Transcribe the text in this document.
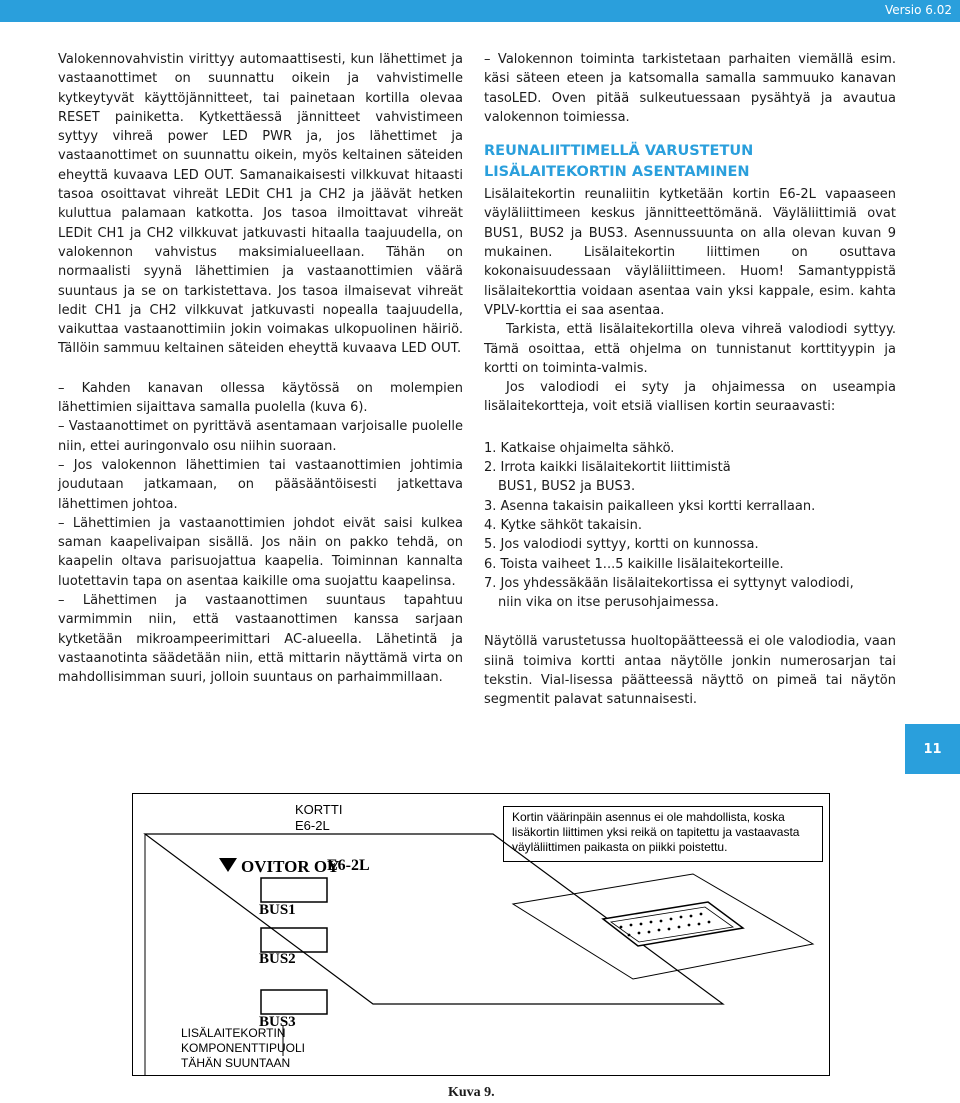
Versio 6.02

Valokennovahvistin virittyy automaattisesti, kun lähettimet ja vastaanottimet on suunnattu oikein ja vahvistimelle kytkeytyvät käyttöjännitteet, tai painetaan kortilla olevaa RESET painiketta. Kytkettäessä jännitteet vahvistimeen syttyy vihreä power LED PWR ja, jos lähettimet ja vastaanottimet on suunnattu oikein, myös keltainen säteiden eheyttä kuvaava LED OUT. Samanaikaisesti vilkkuvat hitaasti tasoa osoittavat vihreät LEDit CH1 ja CH2 ja jäävät hetken kuluttua palamaan katkotta. Jos tasoa ilmoittavat vihreät LEDit CH1 ja CH2 vilkkuvat jatkuvasti hitaalla taajuudella, on valokennon vahvistus maksimialueellaan. Tähän on normaalisti syynä lähettimien ja vastaanottimien väärä suuntaus ja se on tarkistettava. Jos tasoa ilmaisevat vihreät ledit CH1 ja CH2 vilkkuvat jatkuvasti nopealla taajuudella, vaikuttaa vastaanottimiin jokin voimakas ulkopuolinen häiriö. Tällöin sammuu keltainen säteiden eheyttä kuvaava LED OUT.

– Kahden kanavan ollessa käytössä on molempien lähettimien sijaittava samalla puolella (kuva 6).

– Vastaanottimet on pyrittävä asentamaan varjoisalle puolelle niin, ettei auringonvalo osu niihin suoraan.

– Jos valokennon lähettimien tai vastaanottimien johtimia joudutaan jatkamaan, on pääsääntöisesti jatkettava lähettimen johtoa.

– Lähettimien ja vastaanottimien johdot eivät saisi kulkea saman kaapelivaipan sisällä. Jos näin on pakko tehdä, on kaapelin oltava parisuojattua kaapelia. Toiminnan kannalta luotettavin tapa on asentaa kaikille oma suojattu kaapelinsa.

– Lähettimen ja vastaanottimen suuntaus tapahtuu varmimmin niin, että vastaanottimen kanssa sarjaan kytketään mikroampeerimittari AC-alueella. Lähetintä ja vastaanotinta säädetään niin, että mittarin näyttämä virta on mahdollisimman suuri, jolloin suuntaus on parhaimmillaan.

– Valokennon toiminta tarkistetaan parhaiten viemällä esim. käsi säteen eteen ja katsomalla samalla sammuuko kanavan tasoLED. Oven pitää sulkeutuessaan pysähtyä ja avautua valokennon toimiessa.

REUNALIITTIMELLÄ VARUSTETUN LISÄLAITEKORTIN ASENTAMINEN

Lisälaitekortin reunaliitin kytketään kortin E6-2L vapaaseen väyläliittimeen keskus jännitteettömänä. Väyläliittimiä ovat BUS1, BUS2 ja BUS3. Asennussuunta on alla olevan kuvan 9 mukainen. Lisälaitekortin liittimen on osuttava kokonaisuudessaan väyläliittimeen. Huom! Samantyppistä lisälaitekorttia voidaan asentaa vain yksi kappale, esim. kahta VPLV-korttia ei saa asentaa.

Tarkista, että lisälaitekortilla oleva vihreä valodiodi syttyy. Tämä osoittaa, että ohjelma on tunnistanut korttityypin ja kortti on toiminta-valmis.

Jos valodiodi ei syty ja ohjaimessa on useampia lisälaitekortteja, voit etsiä viallisen kortin seuraavasti:

1. Katkaise ohjaimelta sähkö.
2. Irrota kaikki lisälaitekortit liittimistä
BUS1, BUS2 ja BUS3.
3. Asenna takaisin paikalleen yksi kortti kerrallaan.
4. Kytke sähköt takaisin.
5. Jos valodiodi syttyy, kortti on kunnossa.
6. Toista vaiheet 1...5 kaikille lisälaitekorteille.
7. Jos yhdessäkään lisälaitekortissa ei syttynyt valodiodi,
niin vika on itse perusohjaimessa.

Näytöllä varustetussa huoltopäätteessä ei ole valodiodia, vaan siinä toimiva kortti antaa näytölle jonkin numerosarjan tai tekstin. Vial-lisessa päätteessä näyttö on pimeä tai näytön segmentit palavat satunnaisesti.

11
KORTTI
E6-2L
Kortin väärinpäin asennus ei ole mahdollista, koska lisäkortin liittimen yksi reikä on tapitettu ja vastaavasta väyläliittimen paikasta on piikki poistettu.
OVITOR OY
E6-2L
BUS1
BUS2
BUS3
LISÄLAITEKORTIN
KOMPONENTTIPUOLI
TÄHÄN SUUNTAAN
Kuva 9.
